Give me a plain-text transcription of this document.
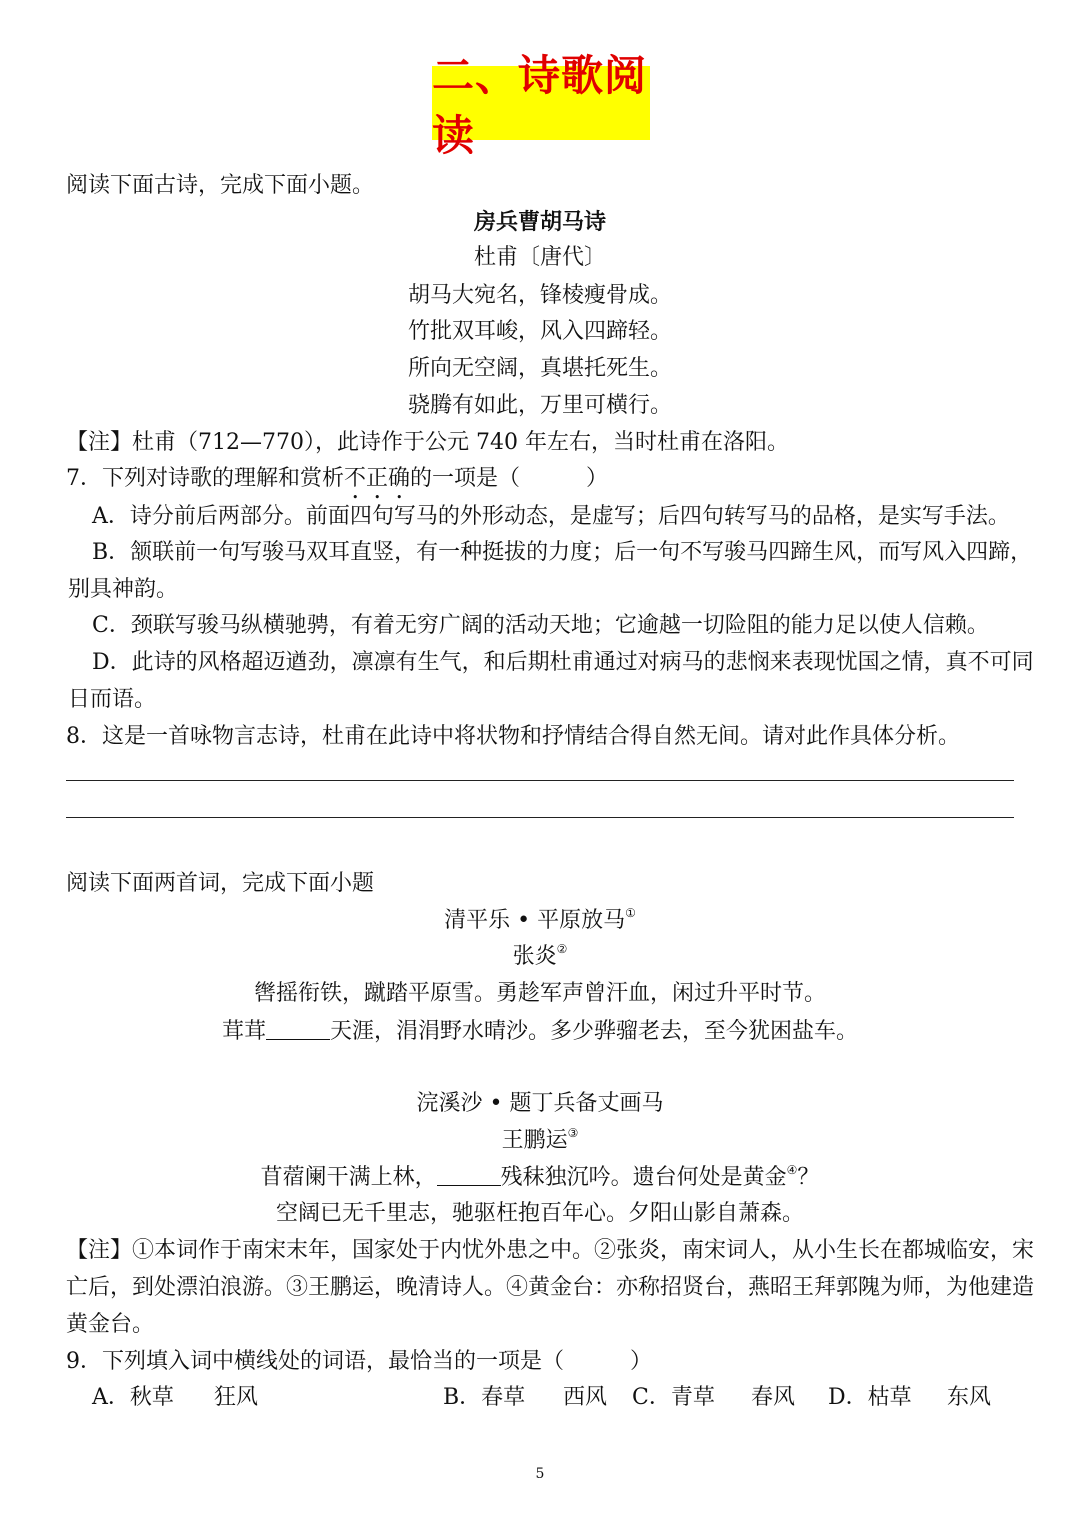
二、诗歌阅读
阅读下面古诗，完成下面小题。
房兵曹胡马诗
杜甫〔唐代〕
胡马大宛名，锋棱瘦骨成。
竹批双耳峻，风入四蹄轻。
所向无空阔，真堪托死生。
骁腾有如此，万里可横行。
【注】杜甫（712—770），此诗作于公元 740 年左右，当时杜甫在洛阳。
7．下列对诗歌的理解和赏析不正确的一项是（　　　）
A．诗分前后两部分。前面四句写马的外形动态，是虚写；后四句转写马的品格，是实写手法。
B．颔联前一句写骏马双耳直竖，有一种挺拔的力度；后一句不写骏马四蹄生风，而写风入四蹄，
别具神韵。
C．颈联写骏马纵横驰骋，有着无穷广阔的活动天地；它逾越一切险阻的能力足以使人信赖。
D．此诗的风格超迈遒劲，凛凛有生气，和后期杜甫通过对病马的悲悯来表现忧国之情，真不可同
日而语。
8．这是一首咏物言志诗，杜甫在此诗中将状物和抒情结合得自然无间。请对此作具体分析。
阅读下面两首词，完成下面小题
清平乐 • 平原放马①
张炎②
辔摇衔铁，蹴踏平原雪。勇趁军声曾汗血，闲过升平时节。
茸茸	天涯，涓涓野水晴沙。多少骅骝老去，至今犹困盐车。
浣溪沙 • 题丁兵备丈画马
王鹏运③
苜蓿阑干满上林，	残秣独沉吟。遗台何处是黄金④？
空阔已无千里志，驰驱枉抱百年心。夕阳山影自萧森。
【注】①本词作于南宋末年，国家处于内忧外患之中。②张炎，南宋词人，从小生长在都城临安，宋
亡后，到处漂泊浪游。③王鹏运，晚清诗人。④黄金台：亦称招贤台，燕昭王拜郭隗为师，为他建造
黄金台。
9．下列填入词中横线处的词语，最恰当的一项是（　　　）
A．秋草 狂风	B．春草 西风 C．青草 春风 D．枯草 东风
5
